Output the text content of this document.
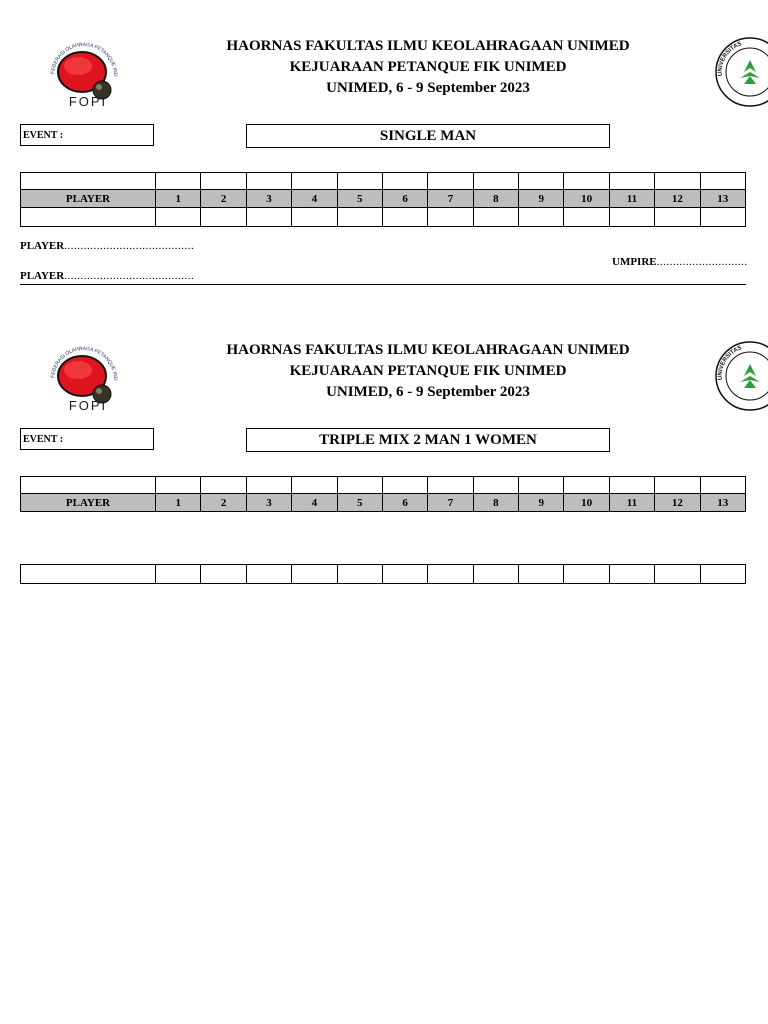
FOPI
HAORNAS FAKULTAS ILMU KEOLAHRAGAAN UNIMED
KEJUARAAN PETANQUE FIK UNIMED
UNIMED, 6 - 9 September 2023
EVENT :	SINGLE MAN

PLAYER	1	2	3	4	5	6	7	8	9	10	11	12	13

PLAYER........................................
UMPIRE............................
PLAYER........................................
FOPI
HAORNAS FAKULTAS ILMU KEOLAHRAGAAN UNIMED
KEJUARAAN PETANQUE FIK UNIMED
UNIMED, 6 - 9 September 2023
EVENT :	TRIPLE MIX 2 MAN 1 WOMEN

PLAYER	1	2	3	4	5	6	7	8	9	10	11	12	13
